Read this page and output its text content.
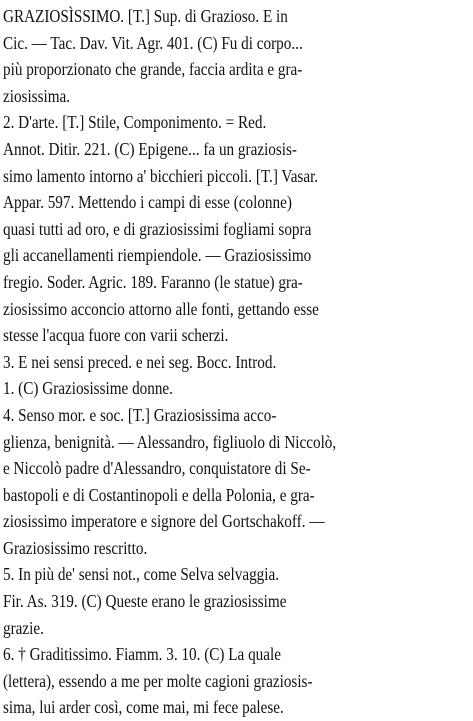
GRAZIOSÌSSIMO. [T.] Sup. di Grazioso. E in
Cic. — Tac. Dav. Vit. Agr. 401. (C) Fu di corpo...
più proporzionato che grande, faccia ardita e gra-
ziosissima.
2. D'arte. [T.] Stile, Componimento. = Red.
Annot. Ditir. 221. (C) Epigene... fa un graziosis-
simo lamento intorno a' bicchieri piccoli. [T.] Vasar.
Appar. 597. Mettendo i campi di esse (colonne)
quasi tutti ad oro, e di graziosissimi fogliami sopra
gli accanellamenti riempiendole. — Graziosissimo
fregio. Soder. Agric. 189. Faranno (le statue) gra-
ziosissimo acconcio attorno alle fonti, gettando esse
stesse l'acqua fuore con varii scherzi.
3. E nei sensi preced. e nei seg. Bocc. Introd.
1. (C) Graziosissime donne.
4. Senso mor. e soc. [T.] Graziosissima acco-
glienza, benignità. — Alessandro, figliuolo di Niccolò,
e Niccolò padre d'Alessandro, conquistatore di Se-
bastopoli e di Costantinopoli e della Polonia, e gra-
ziosissimo imperatore e signore del Gortschakoff. —
Graziosissimo rescritto.
5. In più de' sensi not., come Selva selvaggia.
Fir. As. 319. (C) Queste erano le graziosissime
grazie.
6. † Graditissimo. Fiamm. 3. 10. (C) La quale
(lettera), essendo a me per molte cagioni graziosis-
sima, lui arder così, come mai, mi fece palese.
